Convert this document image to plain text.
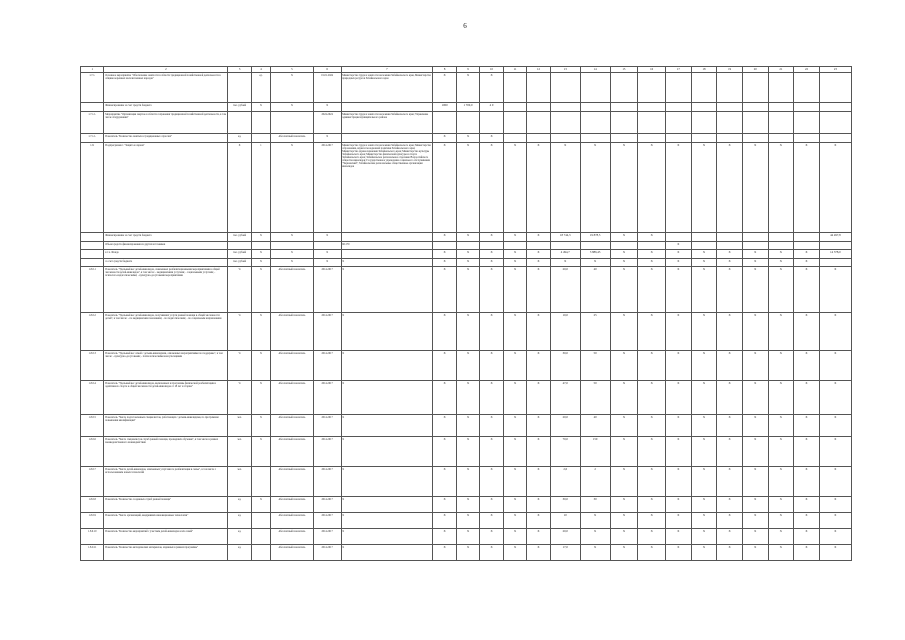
6
1	2	3	4	5	6	7	8	9	10	11	12	13	14	15	16	17	18	19	20	21	22	23
1.7.1.	Основное мероприятие "Обеспечение занятости в области традиционной хозяйственной деятельности в общине коренных малочисленных народов"		ед.	Х	01.01.2024	Министерство труда и занятости населения Забайкальского края, Министерство природных ресурсов Забайкальского края	Х	Х	Х													
	Финансирование за счет средств бюджета	тыс. рублей	Х	Х	Х		1000	1 700,0	4 0													
1.7.1.1.	Мероприятие "Организация закупок в области сохранения традиционной хозяйственной деятельности, в том числе оборудования"				2024-2024	Министерство труда и занятости населения Забайкальского края; Управление администрации муниципального района																
1.7.1.1.	Показатель "Количество занятых в традиционных отраслях"	ед.		Абсолютный показатель	Х		Х	Х	Х													
1.8.	Подпрограмма 1 "Защита и охрана"	Х	1	Х	2014-2017	Министерство труда и занятости населения Забайкальского края; Министерство образования, науки и молодежной политики Забайкальского края; Министерство здравоохранения Забайкальского края; Министерство культуры Забайкальского края; Министерство физической культуры и спорта Забайкальского края; Забайкальское региональное отделение Всероссийского общества инвалидов; Государственное учреждение социального обслуживания "Черновский"; Забайкальские региональные общественные организации инвалидов	Х	Х	Х	Х	Х	Х	Х	Х	Х	Х	Х	Х	Х	Х	Х	Х
	Финансирование за счет средств бюджета	тыс. рублей	Х	Х	Х		Х	Х	Х	Х	Х	18 744,3	19 878,5	Х	Х							44 497,8
	Объем средств финансирования из других источников					60 270										Х						
	в т.ч. Фонда	тыс. рублей	Х	Х	Х		Х	Х	Х	Х	Х	4 494,7	3 886,45	Х	Х	Х	Х	Х	Х	Х	Х	14 378,0
	за счет средств бюджета	тыс. рублей	Х	Х	Х	Х	Х	Х	Х	Х	Х	Х	Х	Х	Х	Х	Х	Х	Х	Х	Х	
1.8.0.1	Показатель "Удельный вес детей-инвалидов, охваченных реабилитационными мероприятиями в общей численности детей-инвалидов", в том числе: - медицинскими услугами; - социальными услугами; - психолого-педагогическими; - культурно-досуговыми мероприятиями	%	Х	Абсолютный показатель	2014-2017	Х	Х	Х	Х	Х	Х	20,0	40	Х	Х	Х	Х	Х	Х	Х	Х	Х
1.8.0.2	Показатель "Удельный вес детей-инвалидов, получивших услуги ранней помощи в общей численности детей", в том числе: - по медицинским показаниям; - по педагогическим; - по социальным направлениям	%	Х	Абсолютный показатель	2014-2017	Х	Х	Х	Х	Х	Х	10,0	25	Х	Х	Х	Х	Х	Х	Х	Х	Х
1.8.0.3	Показатель "Удельный вес семей с детьми-инвалидами, охваченных мероприятиями по поддержке", в том числе: - культурно-досуговыми; - психологическими консультациями	%	Х	Абсолютный показатель	2014-2017	Х	Х	Х	Х	Х	Х	30,0	50	Х	Х	Х	Х	Х	Х	Х	Х	Х
1.8.0.4	Показатель "Удельный вес детей-инвалидов, включенных в программы физической реабилитации и адаптивного спорта в общей численности детей-инвалидов от 18 лет и старше"	%	Х	Абсолютный показатель	2014-2017	Х	Х	Х	Х	Х	Х	47,0	50	Х	Х	Х	Х	Х	Х	Х	Х	Х
1.8.0.5	Показатель "Число подготовленных специалистов, работающих с детьми-инвалидами, по программам повышения квалификации"	чел.	Х	Абсолютный показатель	2014-2017	Х	Х	Х	Х	Х	Х	20,0	40	Х	Х	Х	Х	Х	Х	Х	Х	Х
1.8.0.6	Показатель "Число специалистов служб ранней помощи, прошедших обучение", в том числе в рамках межведомственного взаимодействия	чел.	Х	Абсолютный показатель	2014-2017	Х	Х	Х	Х	Х	Х	70,0	150	Х	Х	Х	Х	Х	Х	Х	Х	Х
1.8.0.7	Показатель "Число детей-инвалидов, охваченных услугами по реабилитации в семье", в том числе с использованием новых технологий	чел.		Абсолютный показатель	2014-2017	Х	Х	Х	Х	Х	Х	2,0	2	Х	Х	Х	Х	Х	Х	Х	Х	Х
1.8.0.8	Показатель "Количество созданных служб ранней помощи"	ед.	Х	Абсолютный показатель	2014-2017	Х	Х	Х	Х	Х	Х	30,0	30	Х	Х	Х	Х	Х	Х	Х	Х	Х
1.8.0.9	Показатель "Число организаций, внедривших инновационные технологии"	ед.		Абсолютный показатель	2014-2017	Х	Х	Х	Х	Х	Х	10	Х	Х	Х	Х	Х	Х	Х	Х	Х	Х
1.8.0.10	Показатель "Количество мероприятий с участием детей-инвалидов и их семей"	ед.		Абсолютный показатель	2014-2017	Х	Х	Х	Х	Х	Х	20,0	Х	Х	Х	Х	Х	Х	Х	Х	Х	Х
1.8.0.11	Показатель "Количество методических материалов, изданных в рамках программы"	ед.		Абсолютный показатель	2014-2017	Х	Х	Х	Х	Х	Х	17,0	Х	Х	Х	Х	Х	Х	Х	Х	Х	Х
